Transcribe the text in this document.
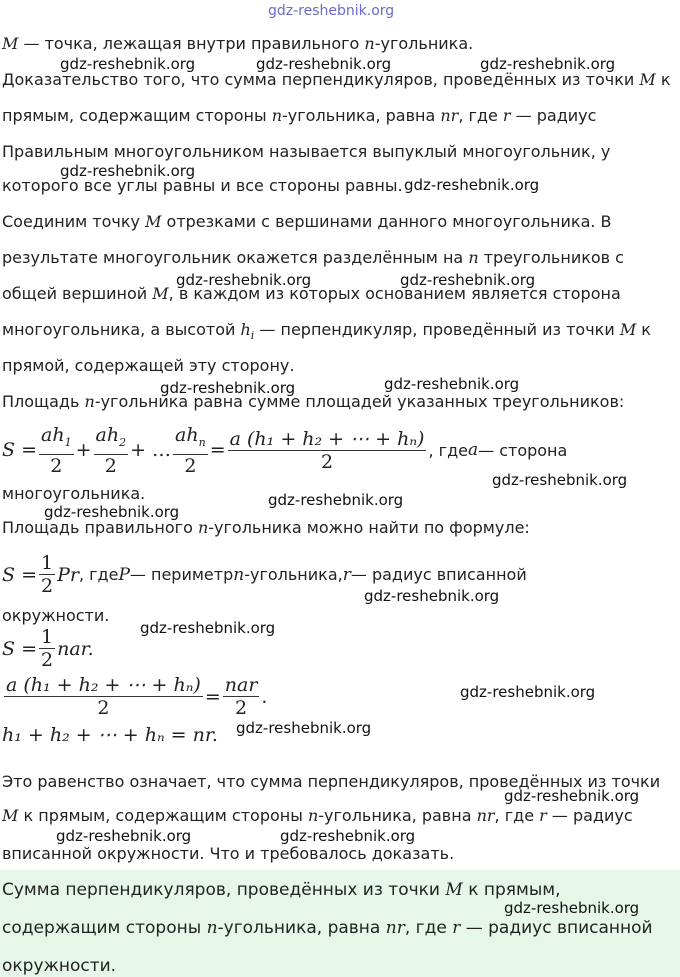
gdz-reshebnik.org
gdz-reshebnik.org	gdz-reshebnik.org	gdz-reshebnik.org
gdz-reshebnik.org
gdz-reshebnik.org
gdz-reshebnik.org	gdz-reshebnik.org
gdz-reshebnik.org	gdz-reshebnik.org
gdz-reshebnik.org
gdz-reshebnik.org
gdz-reshebnik.org
gdz-reshebnik.org
gdz-reshebnik.org
gdz-reshebnik.org
gdz-reshebnik.org
gdz-reshebnik.org
gdz-reshebnik.org	gdz-reshebnik.org
M — точка, лежащая внутри правильного n-угольника.
Доказательство того, что сумма перпендикуляров, проведённых из точки M к
прямым, содержащим стороны n-угольника, равна nr, где r — радиус
Правильным многоугольником называется выпуклый многоугольник, у
которого все углы равны и все стороны равны.
Соединим точку M отрезками с вершинами данного многоугольника. В
результате многоугольник окажется разделённым на n треугольников с
общей вершиной M, в каждом из которых основанием является сторона
многоугольника, а высотой $h_i$ — перпендикуляр, проведённый из точки M к
прямой, содержащей эту сторону.
Площадь n-угольника равна сумме площадей указанных треугольников:
S
= $\frac{ah_1}{2} + \frac{ah_2}{2}$ +
… $\frac{ah_n}{2} = \frac{\text{a (h₁ + h₂ + ⋯ + hₙ)}}{2}$ , где a — сторона
многоугольника.
Площадь правильного n-угольника можно найти по формуле:
S
= $\frac{1}{2}$ Pr , где P — периметр n -угольника, r — радиус вписанной
окружности.
S
= $\frac{1}{2}$ nar.
$\frac{\text{a (h₁ + h₂ + ⋯ + hₙ)}}{2} = \frac{\text{nar}}{2}$ .
h₁ + h₂ + ⋯ + hₙ = nr.
Это равенство означает, что сумма перпендикуляров, проведённых из точки
M к прямым, содержащим стороны n-угольника, равна nr, где r — радиус
вписанной окружности. Что и требовалось доказать.
Сумма перпендикуляров, проведённых из точки M к прямым,
содержащим стороны n-угольника, равна nr, где r — радиус вписанной
окружности.
gdz-reshebnik.org
